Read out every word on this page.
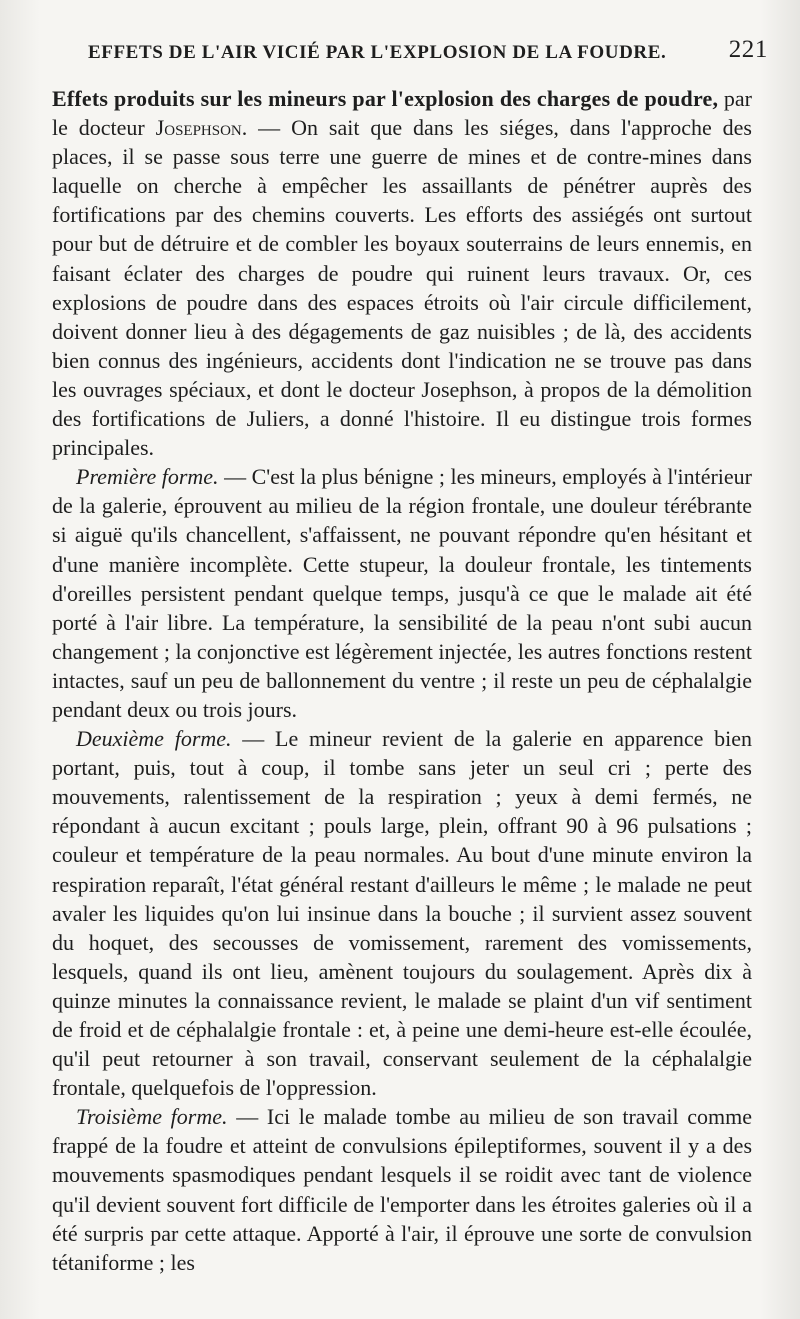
EFFETS DE L'AIR VICIÉ PAR L'EXPLOSION DE LA FOUDRE. 221

Effets produits sur les mineurs par l'explosion des charges de poudre, par le docteur Josephson. — On sait que dans les siéges, dans l'approche des places, il se passe sous terre une guerre de mines et de contre-mines dans laquelle on cherche à empêcher les assaillants de pénétrer auprès des fortifications par des chemins couverts. Les efforts des assiégés ont surtout pour but de détruire et de combler les boyaux souterrains de leurs ennemis, en faisant éclater des charges de poudre qui ruinent leurs travaux. Or, ces explosions de poudre dans des espaces étroits où l'air circule difficilement, doivent donner lieu à des dégagements de gaz nuisibles ; de là, des accidents bien connus des ingénieurs, accidents dont l'indication ne se trouve pas dans les ouvrages spéciaux, et dont le docteur Josephson, à propos de la démolition des fortifications de Juliers, a donné l'histoire. Il eu distingue trois formes principales.

Première forme. — C'est la plus bénigne ; les mineurs, employés à l'intérieur de la galerie, éprouvent au milieu de la région frontale, une douleur térébrante si aiguë qu'ils chancellent, s'affaissent, ne pouvant répondre qu'en hésitant et d'une manière incomplète. Cette stupeur, la douleur frontale, les tintements d'oreilles persistent pendant quelque temps, jusqu'à ce que le malade ait été porté à l'air libre. La température, la sensibilité de la peau n'ont subi aucun changement ; la conjonctive est légèrement injectée, les autres fonctions restent intactes, sauf un peu de ballonnement du ventre ; il reste un peu de céphalalgie pendant deux ou trois jours.

Deuxième forme. — Le mineur revient de la galerie en apparence bien portant, puis, tout à coup, il tombe sans jeter un seul cri ; perte des mouvements, ralentissement de la respiration ; yeux à demi fermés, ne répondant à aucun excitant ; pouls large, plein, offrant 90 à 96 pulsations ; couleur et température de la peau normales. Au bout d'une minute environ la respiration reparaît, l'état général restant d'ailleurs le même ; le malade ne peut avaler les liquides qu'on lui insinue dans la bouche ; il survient assez souvent du hoquet, des secousses de vomissement, rarement des vomissements, lesquels, quand ils ont lieu, amènent toujours du soulagement. Après dix à quinze minutes la connaissance revient, le malade se plaint d'un vif sentiment de froid et de céphalalgie frontale : et, à peine une demi-heure est-elle écoulée, qu'il peut retourner à son travail, conservant seulement de la céphalalgie frontale, quelquefois de l'oppression.

Troisième forme. — Ici le malade tombe au milieu de son travail comme frappé de la foudre et atteint de convulsions épileptiformes, souvent il y a des mouvements spasmodiques pendant lesquels il se roidit avec tant de violence qu'il devient souvent fort difficile de l'emporter dans les étroites galeries où il a été surpris par cette attaque. Apporté à l'air, il éprouve une sorte de convulsion tétaniforme ; les
